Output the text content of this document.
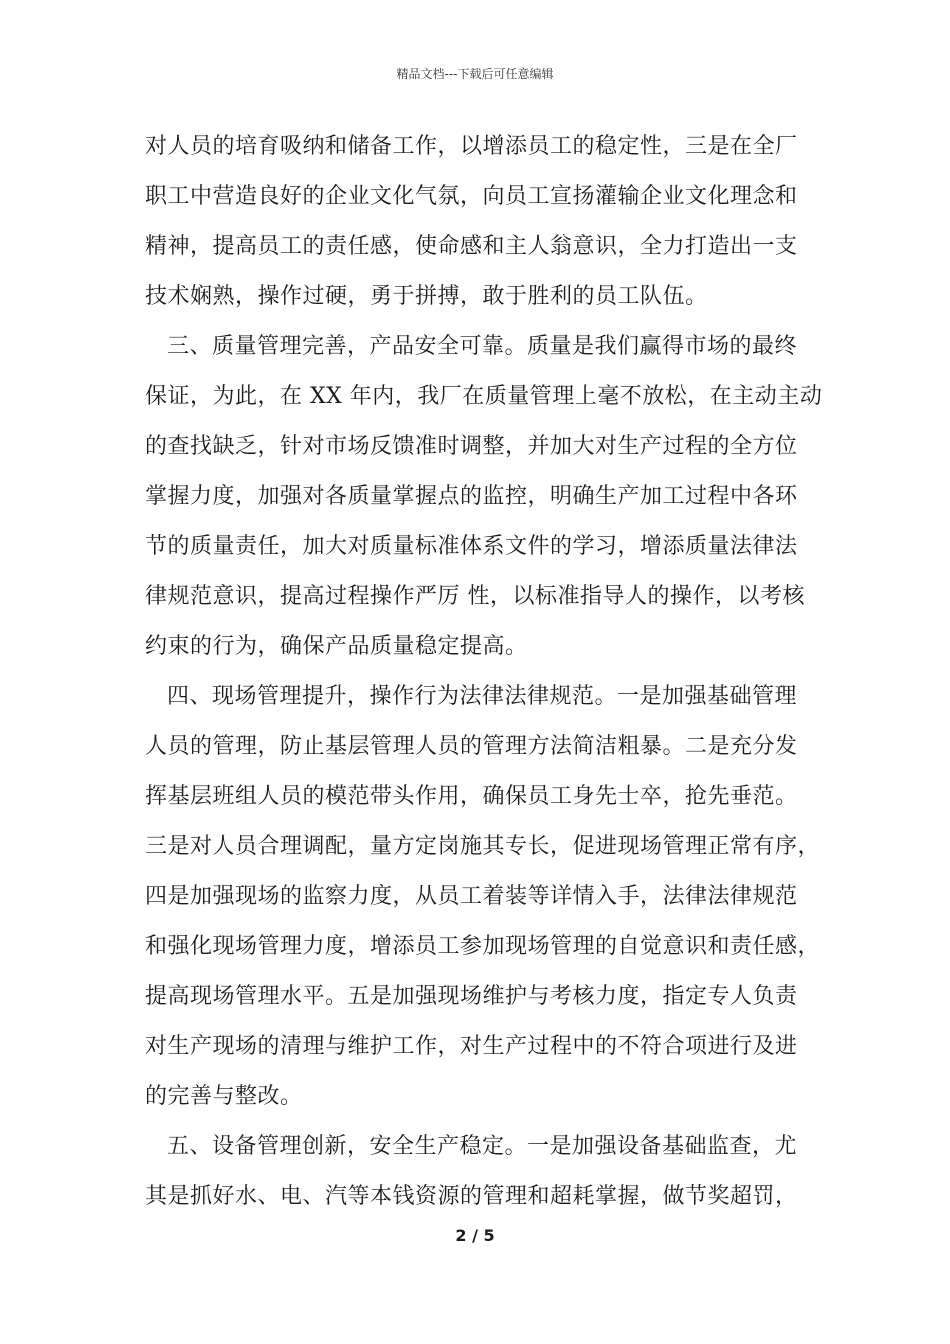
精品文档---下载后可任意编辑
对人员的培育吸纳和储备工作，以增添员工的稳定性，三是在全厂
职工中营造良好的企业文化气氛，向员工宣扬灌输企业文化理念和
精神，提高员工的责任感，使命感和主人翁意识，全力打造出一支
技术娴熟，操作过硬，勇于拼搏，敢于胜利的员工队伍。
三、质量管理完善，产品安全可靠。质量是我们赢得市场的最终
保证，为此，在 XX 年内，我厂在质量管理上毫不放松，在主动主动
的查找缺乏，针对市场反馈准时调整，并加大对生产过程的全方位
掌握力度，加强对各质量掌握点的监控，明确生产加工过程中各环
节的质量责任，加大对质量标准体系文件的学习，增添质量法律法
律规范意识，提高过程操作严厉 性，以标准指导人的操作，以考核
约束的行为，确保产品质量稳定提高。
四、现场管理提升，操作行为法律法律规范。一是加强基础管理
人员的管理，防止基层管理人员的管理方法简洁粗暴。二是充分发
挥基层班组人员的模范带头作用，确保员工身先士卒，抢先垂范。
三是对人员合理调配，量方定岗施其专长，促进现场管理正常有序，
四是加强现场的监察力度，从员工着装等详情入手，法律法律规范
和强化现场管理力度，增添员工参加现场管理的自觉意识和责任感，
提高现场管理水平。五是加强现场维护与考核力度，指定专人负责
对生产现场的清理与维护工作，对生产过程中的不符合项进行及进
的完善与整改。
五、设备管理创新，安全生产稳定。一是加强设备基础监查，尤
其是抓好水、电、汽等本钱资源的管理和超耗掌握，做节奖超罚，
2 / 5
